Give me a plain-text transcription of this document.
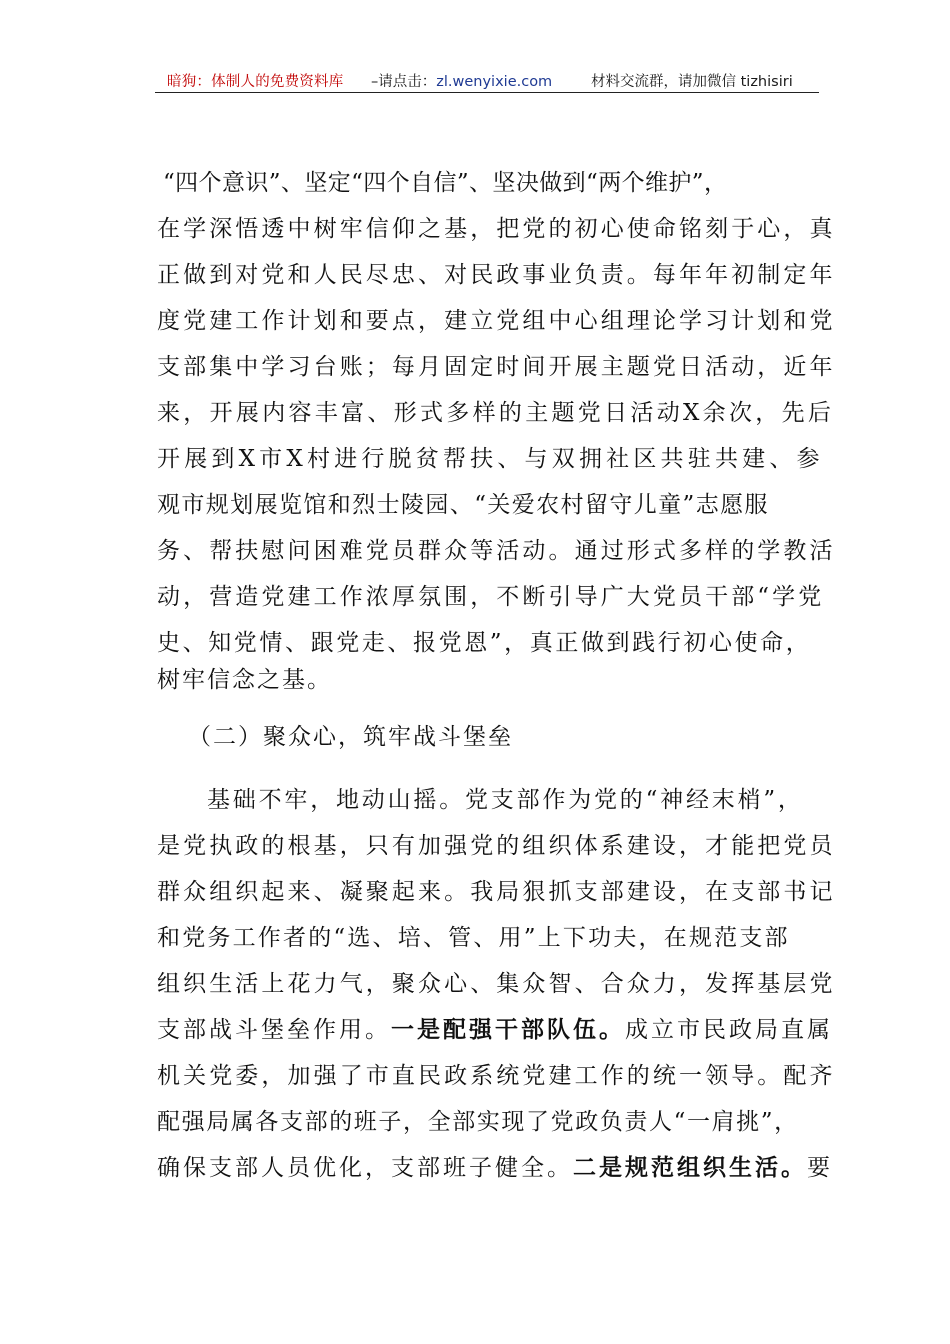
暗狗：体制人的免费资料库 –请点击：zl.wenyixie.com	材料交流群，请加微信 tizhisiri
“四个意识”、坚定“四个自信”、坚决做到“两个维护”，
在学深悟透中树牢信仰之基，把党的初心使命铭刻于心，真
正做到对党和人民尽忠、对民政事业负责。每年年初制定年
度党建工作计划和要点，建立党组中心组理论学习计划和党
支部集中学习台账；每月固定时间开展主题党日活动，近年
来，开展内容丰富、形式多样的主题党日活动X余次，先后
开展到X市X村进行脱贫帮扶、与双拥社区共驻共建、参
观市规划展览馆和烈士陵园、“关爱农村留守儿童”志愿服
务、帮扶慰问困难党员群众等活动。通过形式多样的学教活
动，营造党建工作浓厚氛围，不断引导广大党员干部“学党
史、知党情、跟党走、报党恩”，真正做到践行初心使命，
树牢信念之基。
（二）聚众心，筑牢战斗堡垒
基础不牢，地动山摇。党支部作为党的“神经末梢”，
是党执政的根基，只有加强党的组织体系建设，才能把党员
群众组织起来、凝聚起来。我局狠抓支部建设，在支部书记
和党务工作者的“选、培、管、用”上下功夫，在规范支部
组织生活上花力气，聚众心、集众智、合众力，发挥基层党
支部战斗堡垒作用。一是配强干部队伍。成立市民政局直属
机关党委，加强了市直民政系统党建工作的统一领导。配齐
配强局属各支部的班子，全部实现了党政负责人“一肩挑”，
确保支部人员优化，支部班子健全。二是规范组织生活。要
